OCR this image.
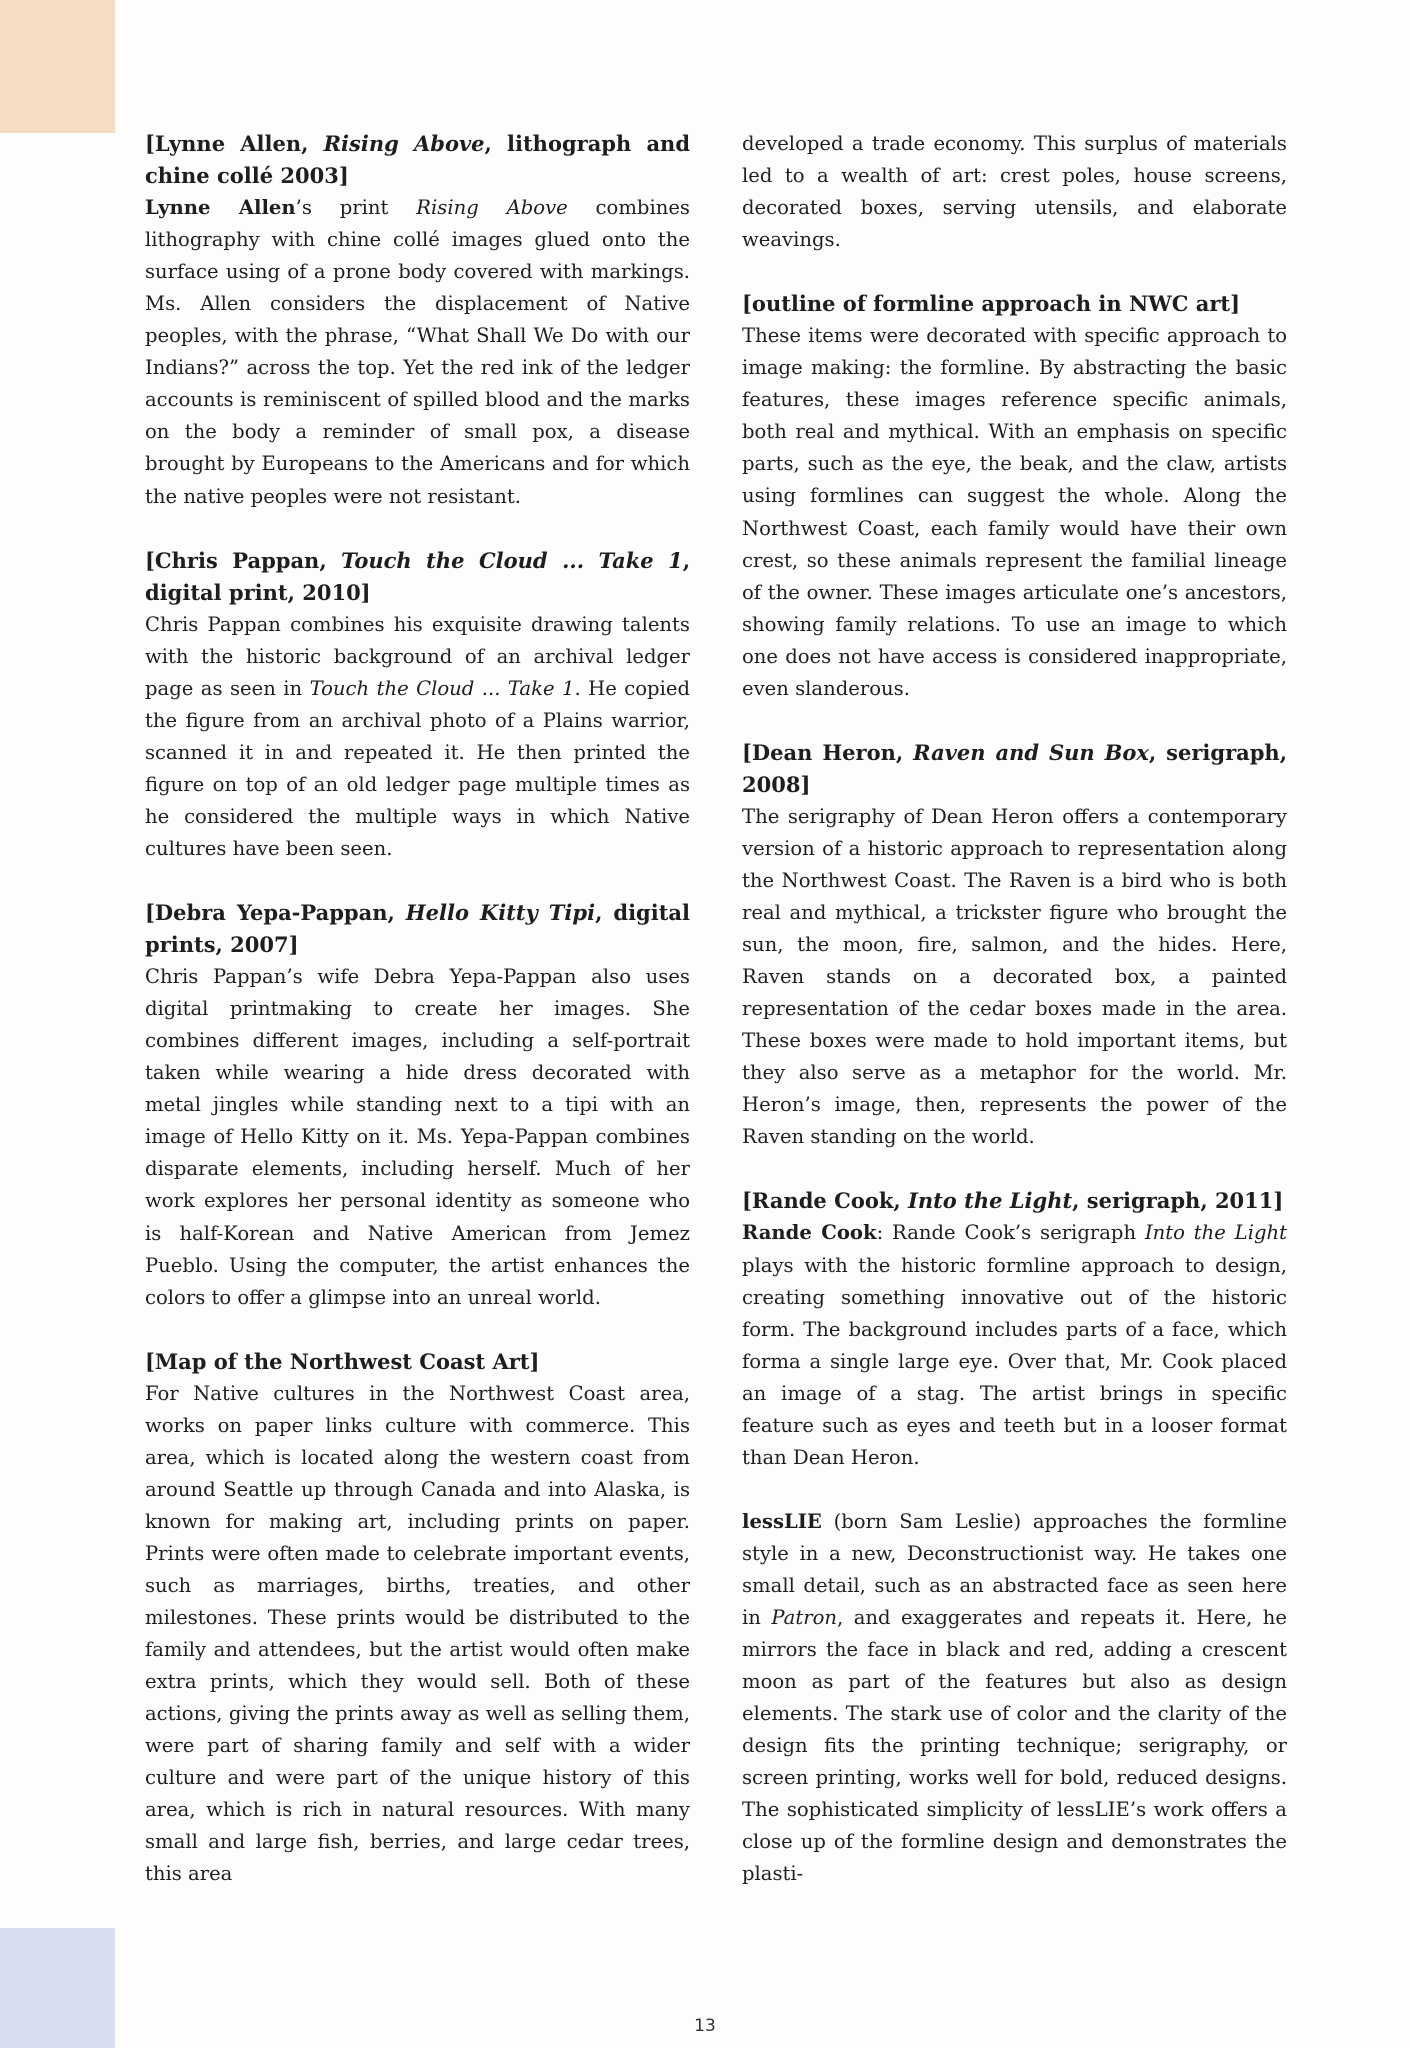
[Lynne Allen, Rising Above, lithograph and chine collé 2003]

Lynne Allen’s print Rising Above combines lithography with chine collé images glued onto the surface using of a prone body covered with markings. Ms. Allen considers the displacement of Native peoples, with the phrase, “What Shall We Do with our Indians?” across the top. Yet the red ink of the ledger accounts is reminiscent of spilled blood and the marks on the body a reminder of small pox, a disease brought by Europeans to the Americans and for which the native peoples were not resistant.

[Chris Pappan, Touch the Cloud ... Take 1, digital print, 2010]

Chris Pappan combines his exquisite drawing talents with the historic background of an archival ledger page as seen in Touch the Cloud ... Take 1. He copied the figure from an archival photo of a Plains warrior, scanned it in and repeated it. He then printed the figure on top of an old ledger page multiple times as he considered the multiple ways in which Native cultures have been seen.

[Debra Yepa-Pappan, Hello Kitty Tipi, digital prints, 2007]

Chris Pappan’s wife Debra Yepa-Pappan also uses digital printmaking to create her images. She combines different images, including a self-portrait taken while wearing a hide dress decorated with metal jingles while standing next to a tipi with an image of Hello Kitty on it. Ms. Yepa-Pappan combines disparate elements, including herself. Much of her work explores her personal identity as someone who is half-Korean and Native American from Jemez Pueblo. Using the computer, the artist enhances the colors to offer a glimpse into an unreal world.

[Map of the Northwest Coast Art]

For Native cultures in the Northwest Coast area, works on paper links culture with commerce. This area, which is located along the western coast from around Seattle up through Canada and into Alaska, is known for making art, including prints on paper. Prints were often made to celebrate important events, such as marriages, births, treaties, and other milestones. These prints would be distributed to the family and attendees, but the artist would often make extra prints, which they would sell. Both of these actions, giving the prints away as well as selling them, were part of sharing family and self with a wider culture and were part of the unique history of this area, which is rich in natural resources. With many small and large fish, berries, and large cedar trees, this area

developed a trade economy. This surplus of materials led to a wealth of art: crest poles, house screens, decorated boxes, serving utensils, and elaborate weavings.

[outline of formline approach in NWC art]

These items were decorated with specific approach to image making: the formline. By abstracting the basic features, these images reference specific animals, both real and mythical. With an emphasis on specific parts, such as the eye, the beak, and the claw, artists using formlines can suggest the whole. Along the Northwest Coast, each family would have their own crest, so these animals represent the familial lineage of the owner. These images articulate one’s ancestors, showing family relations. To use an image to which one does not have access is considered inappropriate, even slanderous.

[Dean Heron, Raven and Sun Box, serigraph, 2008]

The serigraphy of Dean Heron offers a contemporary version of a historic approach to representation along the Northwest Coast. The Raven is a bird who is both real and mythical, a trickster figure who brought the sun, the moon, fire, salmon, and the hides. Here, Raven stands on a decorated box, a painted representation of the cedar boxes made in the area. These boxes were made to hold important items, but they also serve as a metaphor for the world. Mr. Heron’s image, then, represents the power of the Raven standing on the world.

[Rande Cook, Into the Light, serigraph, 2011]

Rande Cook: Rande Cook’s serigraph Into the Light plays with the historic formline approach to design, creating something innovative out of the historic form. The background includes parts of a face, which forma a single large eye. Over that, Mr. Cook placed an image of a stag. The artist brings in specific feature such as eyes and teeth but in a looser format than Dean Heron.

lessLIE (born Sam Leslie) approaches the formline style in a new, Deconstructionist way. He takes one small detail, such as an abstracted face as seen here in Patron, and exaggerates and repeats it. Here, he mirrors the face in black and red, adding a crescent moon as part of the features but also as design elements. The stark use of color and the clarity of the design fits the printing technique; serigraphy, or screen printing, works well for bold, reduced designs. The sophisticated simplicity of lessLIE’s work offers a close up of the formline design and demonstrates the plasti-

13
